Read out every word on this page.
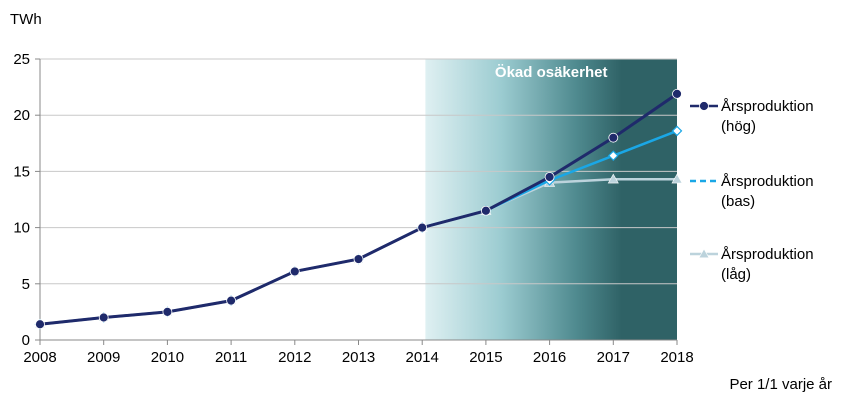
Ökad osäkerhet
0
5
10
15
20
25
2008 2009 2010 2011 2012 2013 2014 2015 2016 2017 2018
Årsproduktion
(hög)
Årsproduktion
(bas)
Årsproduktion
(låg)
TWh
Per 1/1 varje år
